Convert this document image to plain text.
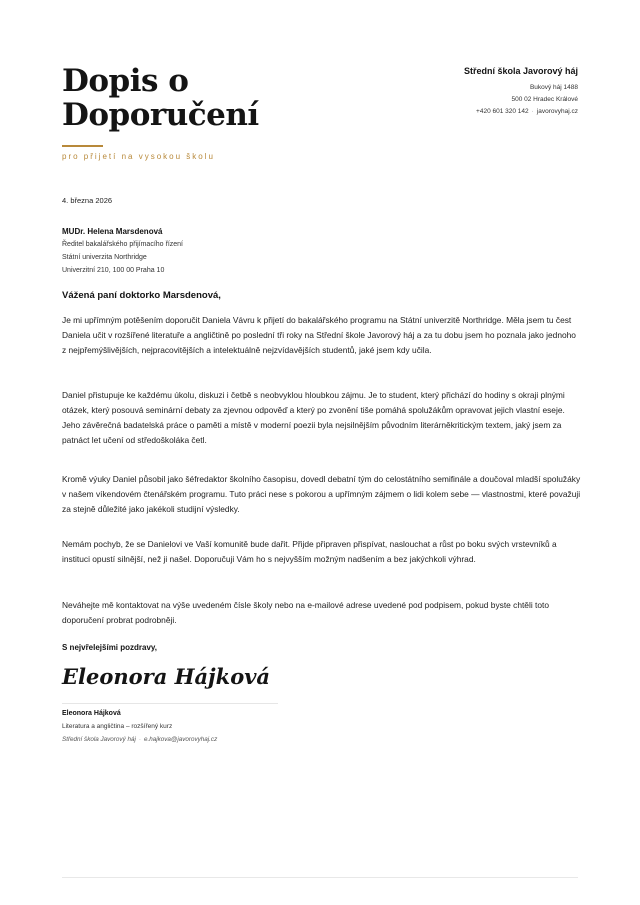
Dopis o
Doporučení
pro přijetí na vysokou školu
Střední škola Javorový háj
Bukový háj 1488
500 02 Hradec Králové
+420 601 320 142 · javorovyhaj.cz
4. března 2026
MUDr. Helena Marsdenová
Ředitel bakalářského přijímacího řízení
Státní univerzita Northridge
Univerzitní 210, 100 00 Praha 10
Vážená paní doktorko Marsdenová,
Je mi upřímným potěšením doporučit Daniela Vávru k přijetí do bakalářského programu na Státní univerzitě Northridge. Měla jsem tu čest Daniela učit v rozšířené literatuře a angličtině po poslední tři roky na Střední škole Javorový háj a za tu dobu jsem ho poznala jako jednoho z nejpřemýšlivějších, nejpracovitějších a intelektuálně nejzvídavějších studentů, jaké jsem kdy učila.
Daniel přistupuje ke každému úkolu, diskuzi i četbě s neobvyklou hloubkou zájmu. Je to student, který přichází do hodiny s okraji plnými otázek, který posouvá seminární debaty za zjevnou odpověď a který po zvonění tiše pomáhá spolužákům opravovat jejich vlastní eseje. Jeho závěrečná badatelská práce o paměti a místě v moderní poezii byla nejsilnějším původním literárněkritickým textem, jaký jsem za patnáct let učení od středoškoláka četl.
Kromě výuky Daniel působil jako šéfredaktor školního časopisu, dovedl debatní tým do celostátního semifinále a doučoval mladší spolužáky v našem víkendovém čtenářském programu. Tuto práci nese s pokorou a upřímným zájmem o lidi kolem sebe — vlastnostmi, které považuji za stejně důležité jako jakékoli studijní výsledky.
Nemám pochyb, že se Danielovi ve Vaší komunitě bude dařit. Přijde připraven přispívat, naslouchat a růst po boku svých vrstevníků a instituci opustí silnější, než ji našel. Doporučuji Vám ho s nejvyšším možným nadšením a bez jakýchkoli výhrad.
Neváhejte mě kontaktovat na výše uvedeném čísle školy nebo na e-mailové adrese uvedené pod podpisem, pokud byste chtěli toto doporučení probrat podrobněji.
S nejvřelejšími pozdravy,
Eleonora Hájková
Eleonora Hájková
Literatura a angličtina – rozšířený kurz
Střední škola Javorový háj · e.hajkova@javorovyhaj.cz
